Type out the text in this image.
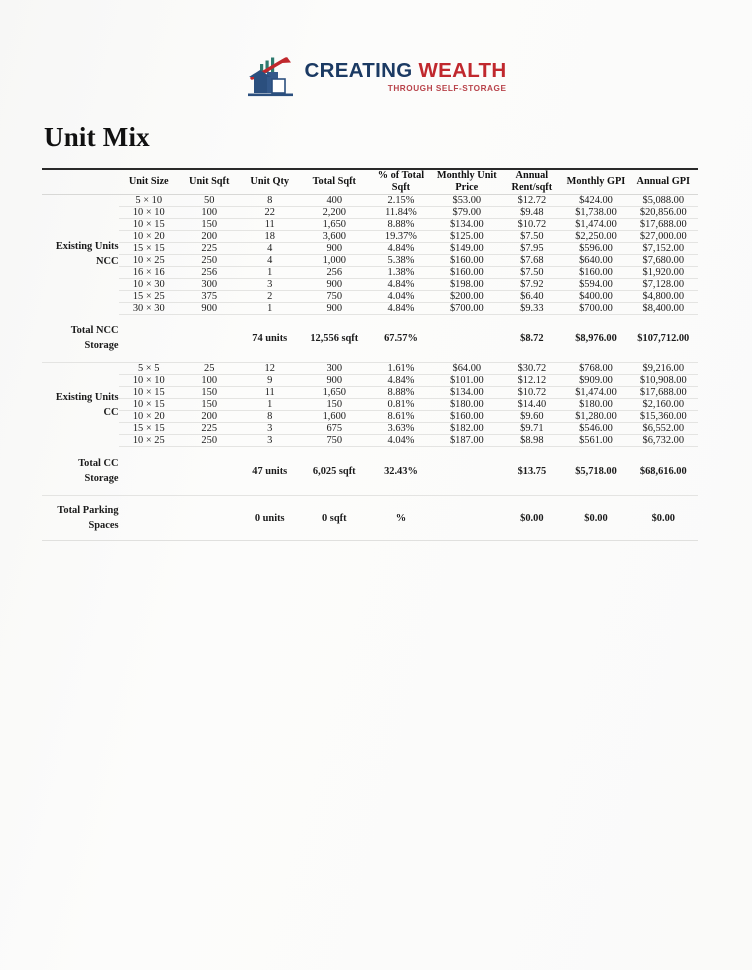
CREATING WEALTH
THROUGH SELF-STORAGE
Unit Mix
	Unit Size	Unit Sqft	Unit Qty	Total Sqft	% of Total Sqft	Monthly Unit Price	Annual Rent/sqft	Monthly GPI	Annual GPI
Existing Units NCC	5 × 10	50	8	400	2.15%	$53.00	$12.72	$424.00	$5,088.00
	10 × 10	100	22	2,200	11.84%	$79.00	$9.48	$1,738.00	$20,856.00
	10 × 15	150	11	1,650	8.88%	$134.00	$10.72	$1,474.00	$17,688.00
	10 × 20	200	18	3,600	19.37%	$125.00	$7.50	$2,250.00	$27,000.00
	15 × 15	225	4	900	4.84%	$149.00	$7.95	$596.00	$7,152.00
	10 × 25	250	4	1,000	5.38%	$160.00	$7.68	$640.00	$7,680.00
	16 × 16	256	1	256	1.38%	$160.00	$7.50	$160.00	$1,920.00
	10 × 30	300	3	900	4.84%	$198.00	$7.92	$594.00	$7,128.00
	15 × 25	375	2	750	4.04%	$200.00	$6.40	$400.00	$4,800.00
	30 × 30	900	1	900	4.84%	$700.00	$9.33	$700.00	$8,400.00
Total NCC Storage			74 units	12,556 sqft	67.57%		$8.72	$8,976.00	$107,712.00
Existing Units CC	5 × 5	25	12	300	1.61%	$64.00	$30.72	$768.00	$9,216.00
	10 × 10	100	9	900	4.84%	$101.00	$12.12	$909.00	$10,908.00
	10 × 15	150	11	1,650	8.88%	$134.00	$10.72	$1,474.00	$17,688.00
	10 × 15	150	1	150	0.81%	$180.00	$14.40	$180.00	$2,160.00
	10 × 20	200	8	1,600	8.61%	$160.00	$9.60	$1,280.00	$15,360.00
	15 × 15	225	3	675	3.63%	$182.00	$9.71	$546.00	$6,552.00
	10 × 25	250	3	750	4.04%	$187.00	$8.98	$561.00	$6,732.00
Total CC Storage			47 units	6,025 sqft	32.43%		$13.75	$5,718.00	$68,616.00
Total Parking Spaces			0 units	0 sqft	%		$0.00	$0.00	$0.00
